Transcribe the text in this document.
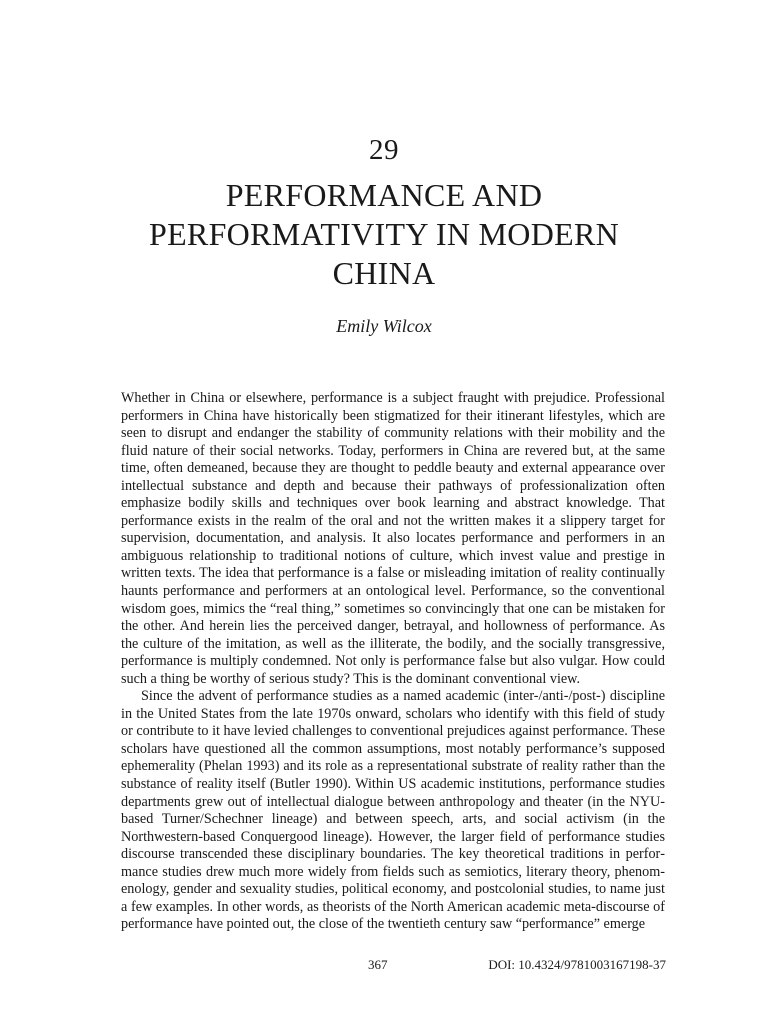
29
PERFORMANCE AND
PERFORMATIVITY IN MODERN
CHINA
Emily Wilcox

Whether in China or elsewhere, performance is a subject fraught with prejudice. Professional performers in China have historically been stigmatized for their itinerant lifestyles, which are seen to disrupt and endanger the stability of community relations with their mobility and the fluid nature of their social networks. Today, performers in China are revered but, at the same time, often demeaned, because they are thought to peddle beauty and external appearance over intellectual substance and depth and because their pathways of professionalization often emphasize bodily skills and techniques over book learning and abstract knowledge. That performance exists in the realm of the oral and not the written makes it a slippery target for supervision, documentation, and analysis. It also locates performance and performers in an ambiguous relationship to traditional notions of culture, which invest value and prestige in written texts. The idea that performance is a false or misleading imitation of reality continually haunts performance and performers at an ontological level. Performance, so the conventional wisdom goes, mimics the “real thing,” sometimes so convincingly that one can be mistaken for the other. And herein lies the perceived danger, betrayal, and hollowness of performance. As the culture of the imitation, as well as the illiterate, the bodily, and the socially transgressive, performance is multiply condemned. Not only is performance false but also vulgar. How could such a thing be worthy of serious study? This is the dominant conventional view.

Since the advent of performance studies as a named academic (inter-/anti-/post-) discipline in the United States from the late 1970s onward, scholars who identify with this field of study or contribute to it have levied challenges to conventional prejudices against performance. These scholars have questioned all the common assumptions, most notably performance’s supposed ephemerality (Phelan 1993) and its role as a representational substrate of reality rather than the substance of reality itself (Butler 1990). Within US academic institutions, performance studies departments grew out of intellectual dialogue between anthropology and theater (in the NYU-based Turner/Schechner lineage) and between speech, arts, and social activism (in the Northwestern-based Conquergood lineage). However, the larger field of performance studies discourse transcended these disciplinary boundaries. The key theoretical traditions in performance studies drew much more widely from fields such as semiotics, literary theory, phenomenology, gender and sexuality studies, political economy, and postcolonial studies, to name just a few examples. In other words, as theorists of the North American academic meta-discourse of performance have pointed out, the close of the twentieth century saw “performance” emerge

367	DOI: 10.4324/9781003167198-37
